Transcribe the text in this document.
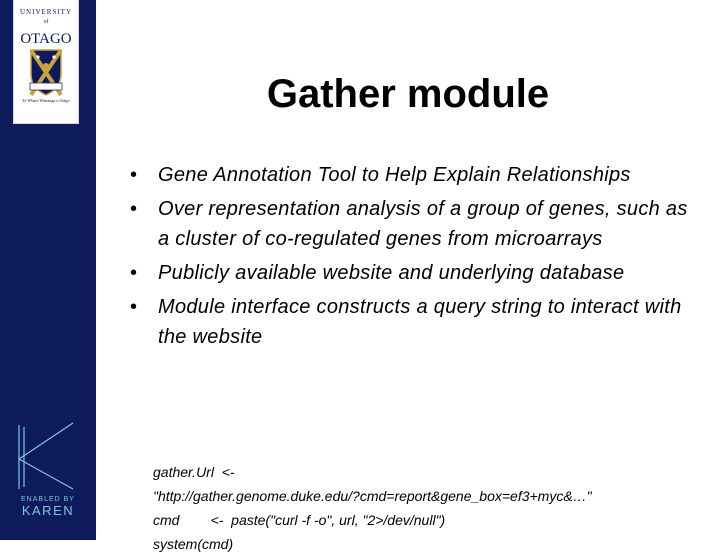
UNIVERSITY
of
OTAGO
Te Whare Wānanga o Otāgo
ENABLED BY
KAREN
Gather module
• Gene Annotation Tool to Help Explain Relationships
• Over representation analysis of a group of genes, such as a cluster of co-regulated genes from microarrays
• Publicly available website and underlying database
• Module interface constructs a query string to interact with the website
gather.Url  <-
"http://gather.genome.duke.edu/?cmd=report&gene_box=ef3+myc&…"
cmd        <-  paste("curl -f -o", url, "2>/dev/null")
system(cmd)
